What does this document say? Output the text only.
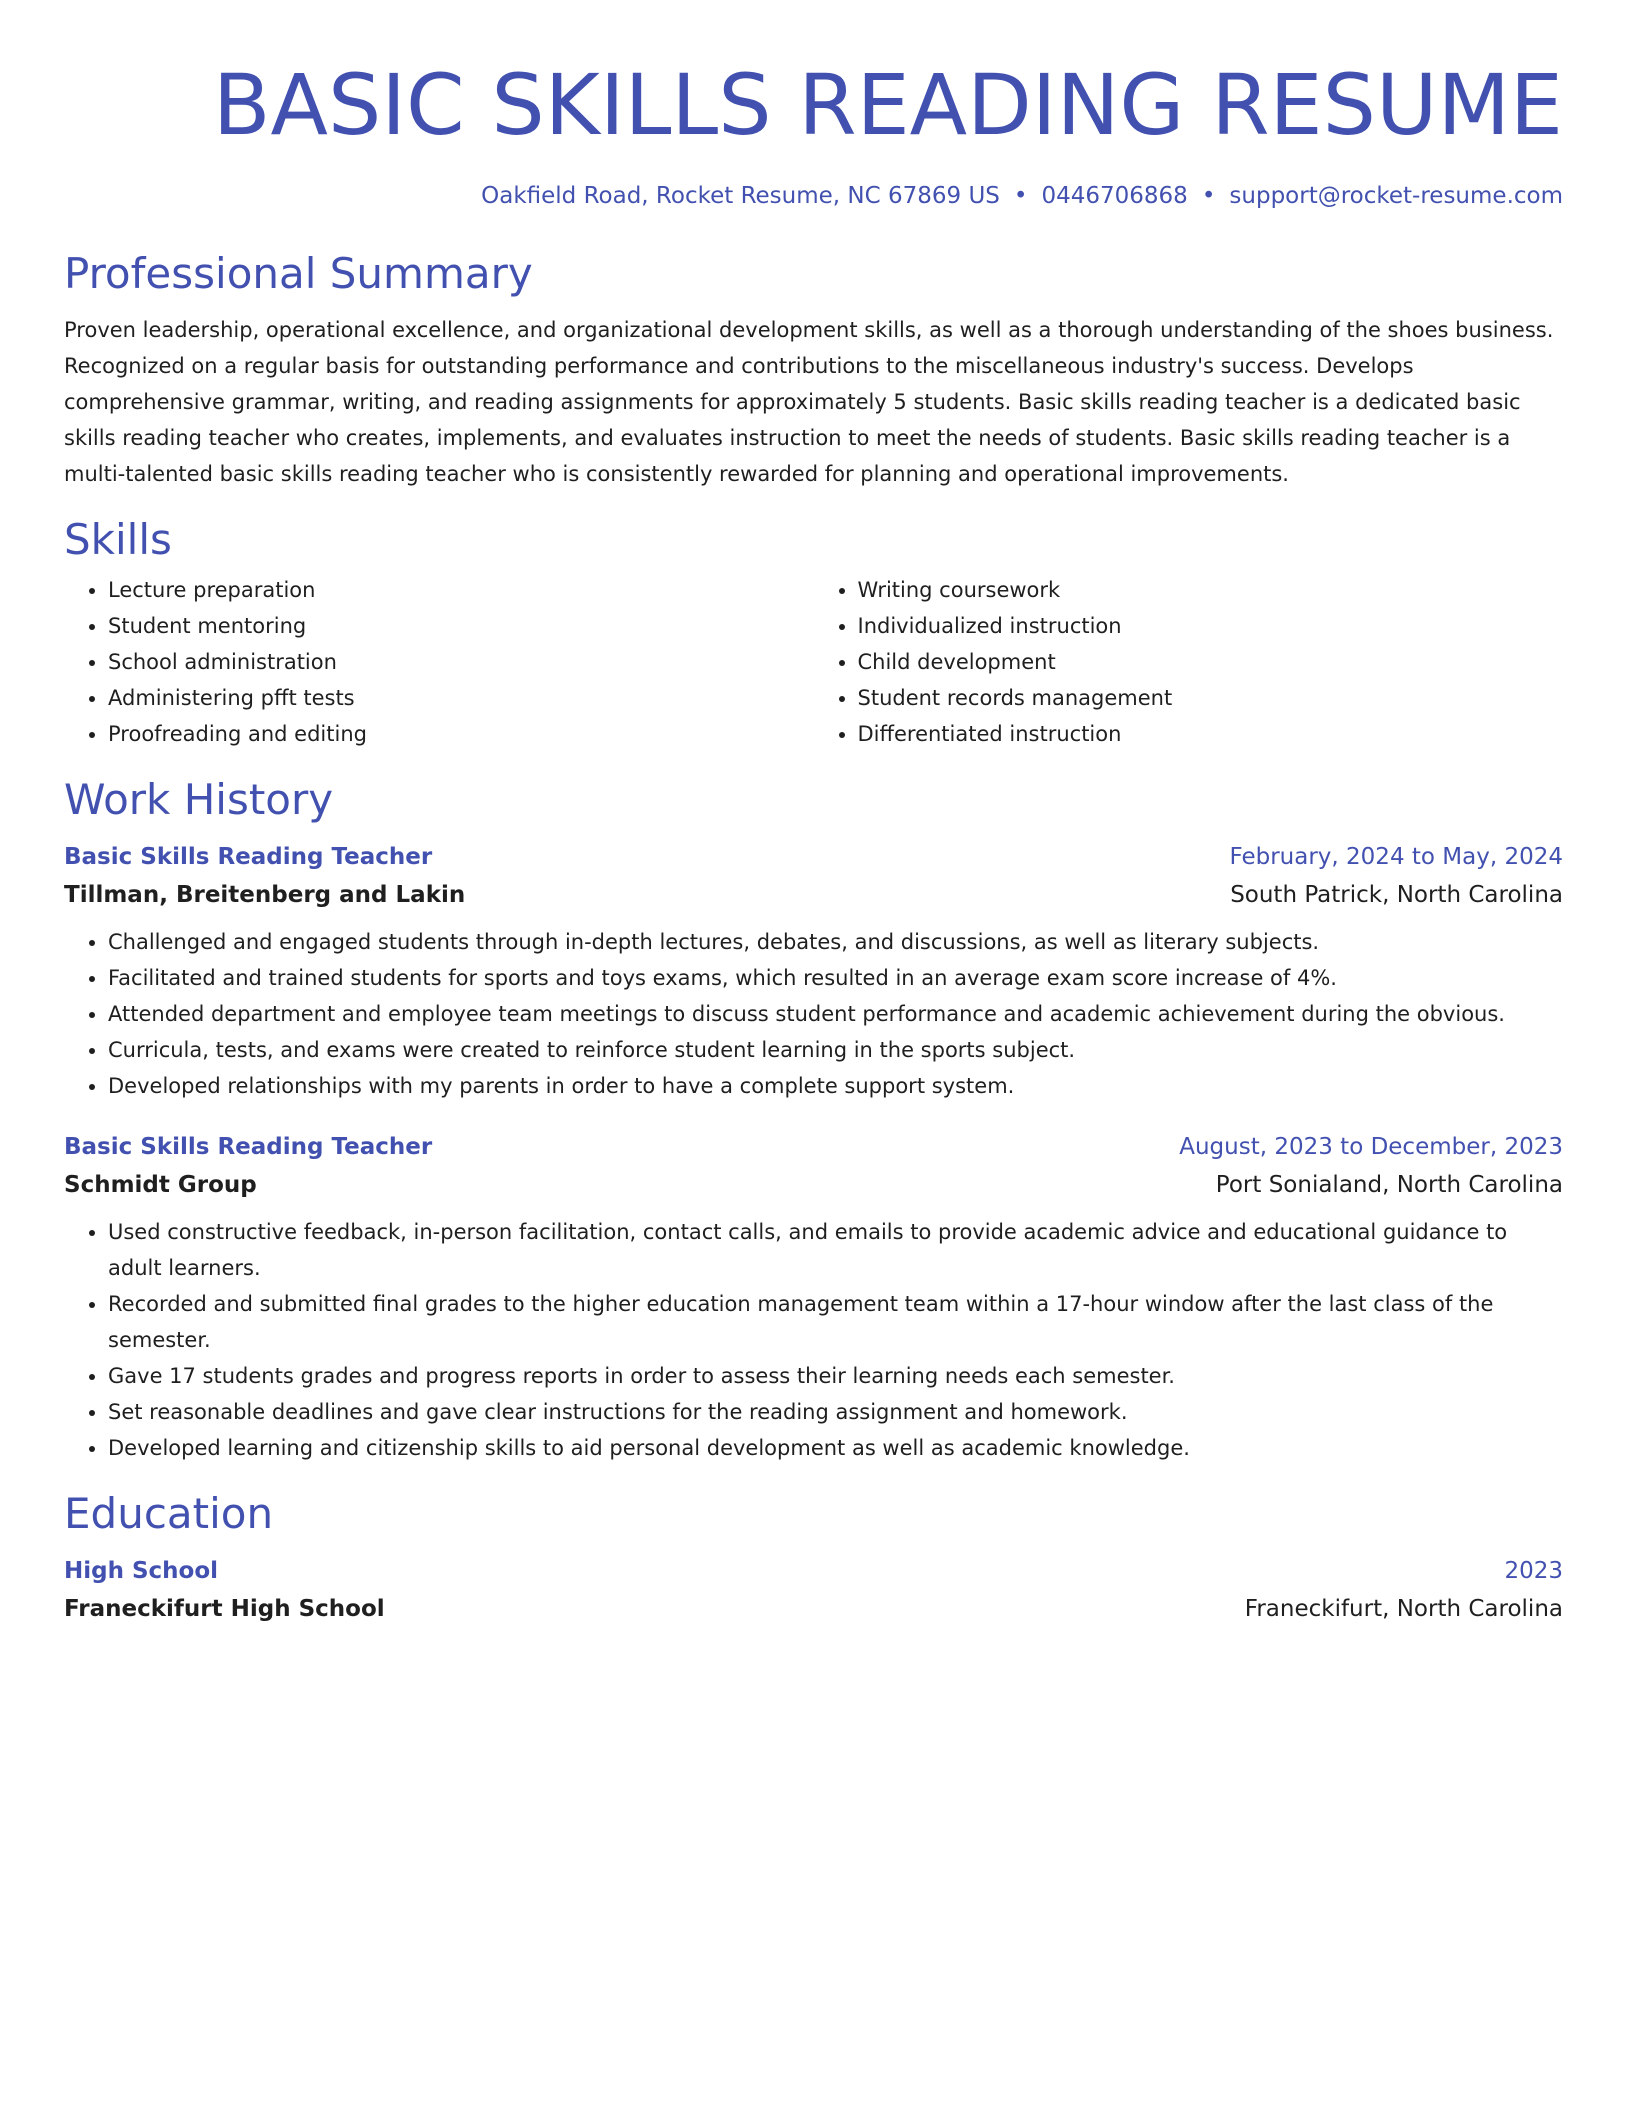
BASIC SKILLS READING RESUME
Oakfield Road, Rocket Resume, NC 67869 US • 0446706868 • support@rocket-resume.com
Professional Summary

Proven leadership, operational excellence, and organizational development skills, as well as a thorough understanding of the shoes business. Recognized on a regular basis for outstanding performance and contributions to the miscellaneous industry's success. Develops comprehensive grammar, writing, and reading assignments for approximately 5 students. Basic skills reading teacher is a dedicated basic skills reading teacher who creates, implements, and evaluates instruction to meet the needs of students. Basic skills reading teacher is a multi-talented basic skills reading teacher who is consistently rewarded for planning and operational improvements.

Skills
• Lecture preparation
• Student mentoring
• School administration
• Administering pfft tests
• Proofreading and editing
• Writing coursework
• Individualized instruction
• Child development
• Student records management
• Differentiated instruction
Work History
Basic Skills Reading Teacher	February, 2024 to May, 2024
Tillman, Breitenberg and Lakin	South Patrick, North Carolina
• Challenged and engaged students through in-depth lectures, debates, and discussions, as well as literary subjects.
• Facilitated and trained students for sports and toys exams, which resulted in an average exam score increase of 4%.
• Attended department and employee team meetings to discuss student performance and academic achievement during the obvious.
• Curricula, tests, and exams were created to reinforce student learning in the sports subject.
• Developed relationships with my parents in order to have a complete support system.
Basic Skills Reading Teacher	August, 2023 to December, 2023
Schmidt Group	Port Sonialand, North Carolina
• Used constructive feedback, in-person facilitation, contact calls, and emails to provide academic advice and educational guidance to adult learners.
• Recorded and submitted final grades to the higher education management team within a 17-hour window after the last class of the semester.
• Gave 17 students grades and progress reports in order to assess their learning needs each semester.
• Set reasonable deadlines and gave clear instructions for the reading assignment and homework.
• Developed learning and citizenship skills to aid personal development as well as academic knowledge.
Education
High School	2023
Franeckifurt High School	Franeckifurt, North Carolina
